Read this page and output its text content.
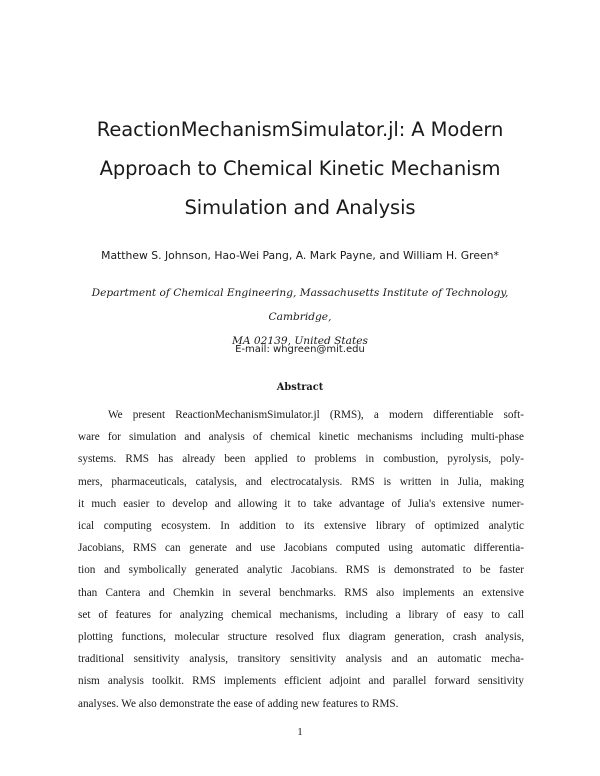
ReactionMechanismSimulator.jl: A Modern
Approach to Chemical Kinetic Mechanism
Simulation and Analysis

Matthew S. Johnson, Hao-Wei Pang, A. Mark Payne, and William H. Green*

Department of Chemical Engineering, Massachusetts Institute of Technology, Cambridge,
MA 02139, United States

E-mail: whgreen@mit.edu

Abstract
We present ReactionMechanismSimulator.jl (RMS), a modern differentiable soft-
ware for simulation and analysis of chemical kinetic mechanisms including multi-phase
systems. RMS has already been applied to problems in combustion, pyrolysis, poly-
mers, pharmaceuticals, catalysis, and electrocatalysis. RMS is written in Julia, making
it much easier to develop and allowing it to take advantage of Julia's extensive numer-
ical computing ecosystem. In addition to its extensive library of optimized analytic
Jacobians, RMS can generate and use Jacobians computed using automatic differentia-
tion and symbolically generated analytic Jacobians. RMS is demonstrated to be faster
than Cantera and Chemkin in several benchmarks. RMS also implements an extensive
set of features for analyzing chemical mechanisms, including a library of easy to call
plotting functions, molecular structure resolved flux diagram generation, crash analysis,
traditional sensitivity analysis, transitory sensitivity analysis and an automatic mecha-
nism analysis toolkit. RMS implements efficient adjoint and parallel forward sensitivity
analyses. We also demonstrate the ease of adding new features to RMS.

1
